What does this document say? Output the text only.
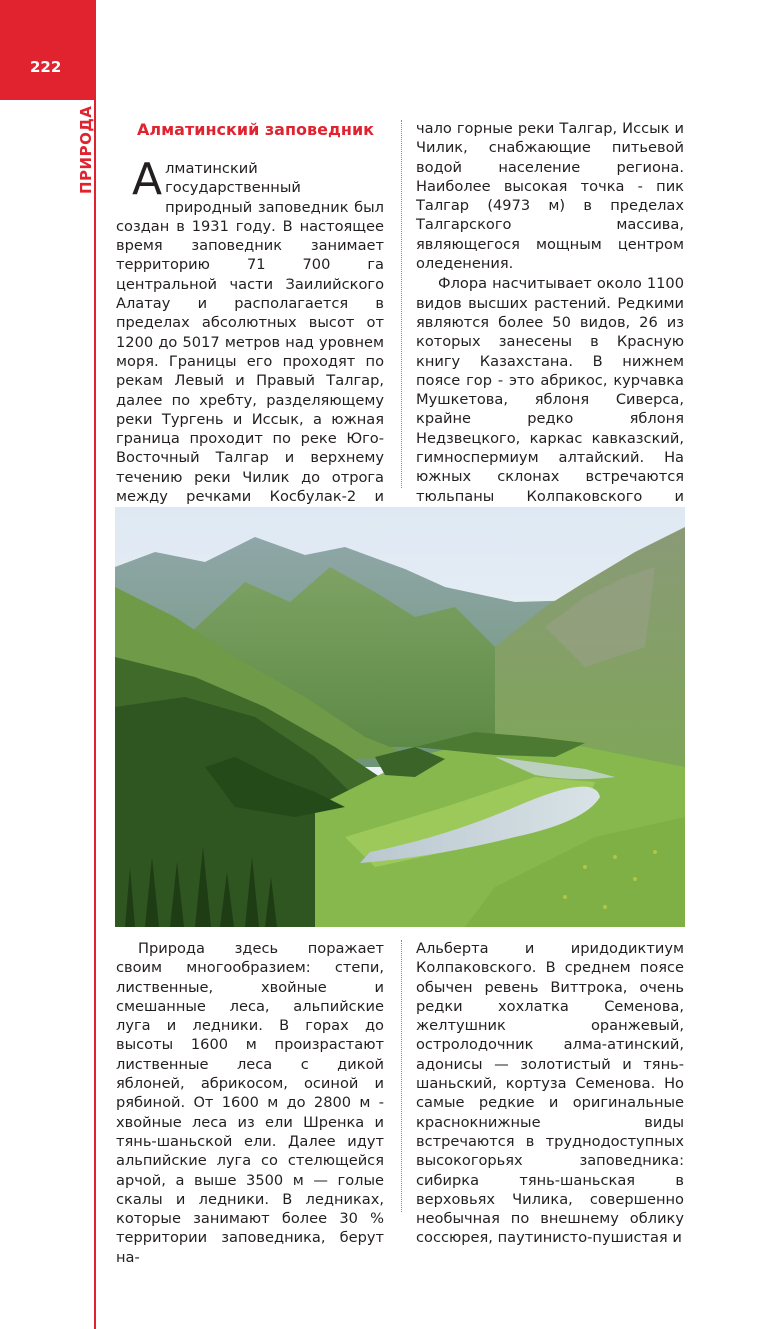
222
ПРИРОДА	Алматинский заповедник

Алматинский государственный природный заповедник был создан в 1931 году. В настоящее время заповедник занимает территорию 71 700 га центральной части Заилийского Алатау и располагается в пределах абсолютных высот от 1200 до 5017 метров над уровнем моря. Границы его проходят по рекам Левый и Правый Талгар, далее по хребту, разделяющему реки Тургень и Иссык, а южная граница проходит по реке Юго-Восточный Талгар и верхнему течению реки Чилик до отрога между речками Косбулак-2 и

чало горные реки Талгар, Иссык и Чилик, снабжающие питьевой водой население региона. Наиболее высокая точка - пик Талгар (4973 м) в пределах Талгарского массива, являющегося мощным центром оледенения.

Флора насчитывает около 1100 видов высших растений. Редкими являются более 50 видов, 26 из которых занесены в Красную книгу Казахстана. В нижнем поясе гор - это абрикос, курчавка Мушкетова, яблоня Сиверса, крайне редко яблоня Недзвецкого, каркас кавказский, гимноспермиум алтайский. На южных склонах встречаются тюльпаны Колпаковского и

Природа здесь поражает своим многообразием: степи, лиственные, хвойные и смешанные леса, альпийские луга и ледники. В горах до высоты 1600 м произрастают лиственные леса с дикой яблоней, абрикосом, осиной и рябиной. От 1600 м до 2800 м - хвойные леса из ели Шренка и тянь-шаньской ели. Далее идут альпийские луга со стелющейся арчой, а выше 3500 м — голые скалы и ледники. В ледниках, которые занимают более 30 % территории заповедника, берут на-

Альберта и иридодиктиум Колпаковского. В среднем поясе обычен ревень Виттрока, очень редки хохлатка Семенова, желтушник оранжевый, остролодочник алма-атинский, адонисы — золотистый и тянь-шаньский, кортуза Семенова. Но самые редкие и оригинальные краснокнижные виды встречаются в труднодоступных высокогорьях заповедника: сибирка тянь-шаньская в верховьях Чилика, совершенно необычная по внешнему облику соссюрея, паутинисто-пушистая и
